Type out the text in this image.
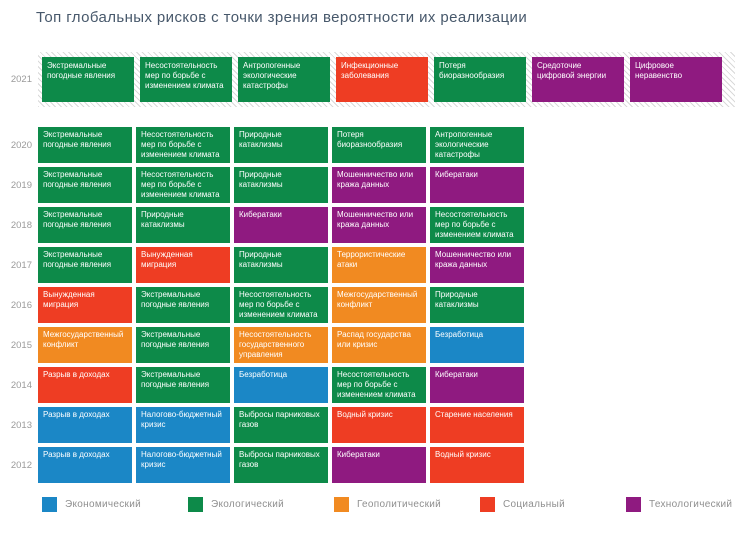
Топ глобальных рисков с точки зрения вероятности их реализации
2021
Экстремальные погодные явления
Несостоятельность мер по борьбе с изменением климата
Антропогенные экологические катастрофы
Инфекционные заболевания
Потеря биоразнообразия
Средоточие цифровой энергии
Цифровое неравенство
2020
Экстремальные погодные явления
Несостоятельность мер по борьбе с изменением климата
Природные катаклизмы
Потеря биоразнообразия
Антропогенные экологические катастрофы
2019
Экстремальные погодные явления
Несостоятельность мер по борьбе с изменением климата
Природные катаклизмы
Мошенничество или кража данных
Кибератаки
2018
Экстремальные погодные явления
Природные катаклизмы
Кибератаки	Мошенничество или кража данных
Несостоятельность мер по борьбе с изменением климата
2017
Экстремальные погодные явления
Вынужденная миграция
Природные катаклизмы
Террористические атаки
Мошенничество или кража данных
2016
Вынужденная миграция
Экстремальные погодные явления
Несостоятельность мер по борьбе с изменением климата
Межгосударственный конфликт
Природные катаклизмы
2015
Межгосударственный конфликт
Экстремальные погодные явления
Несостоятельность государственного управления
Распад государства или кризис
Безработица
2014
Разрыв в доходах	Экстремальные погодные явления
Безработица	Несостоятельность мер по борьбе с изменением климата
Кибератаки
2013
Разрыв в доходах	Налогово-бюджетный кризис
Выбросы парниковых газов
Водный кризис	Старение населения
2012
Разрыв в доходах	Налогово-бюджетный кризис
Выбросы парниковых газов
Кибератаки	Водный кризис
Экономический	Экологический	Геополитический	Социальный	Технологический
